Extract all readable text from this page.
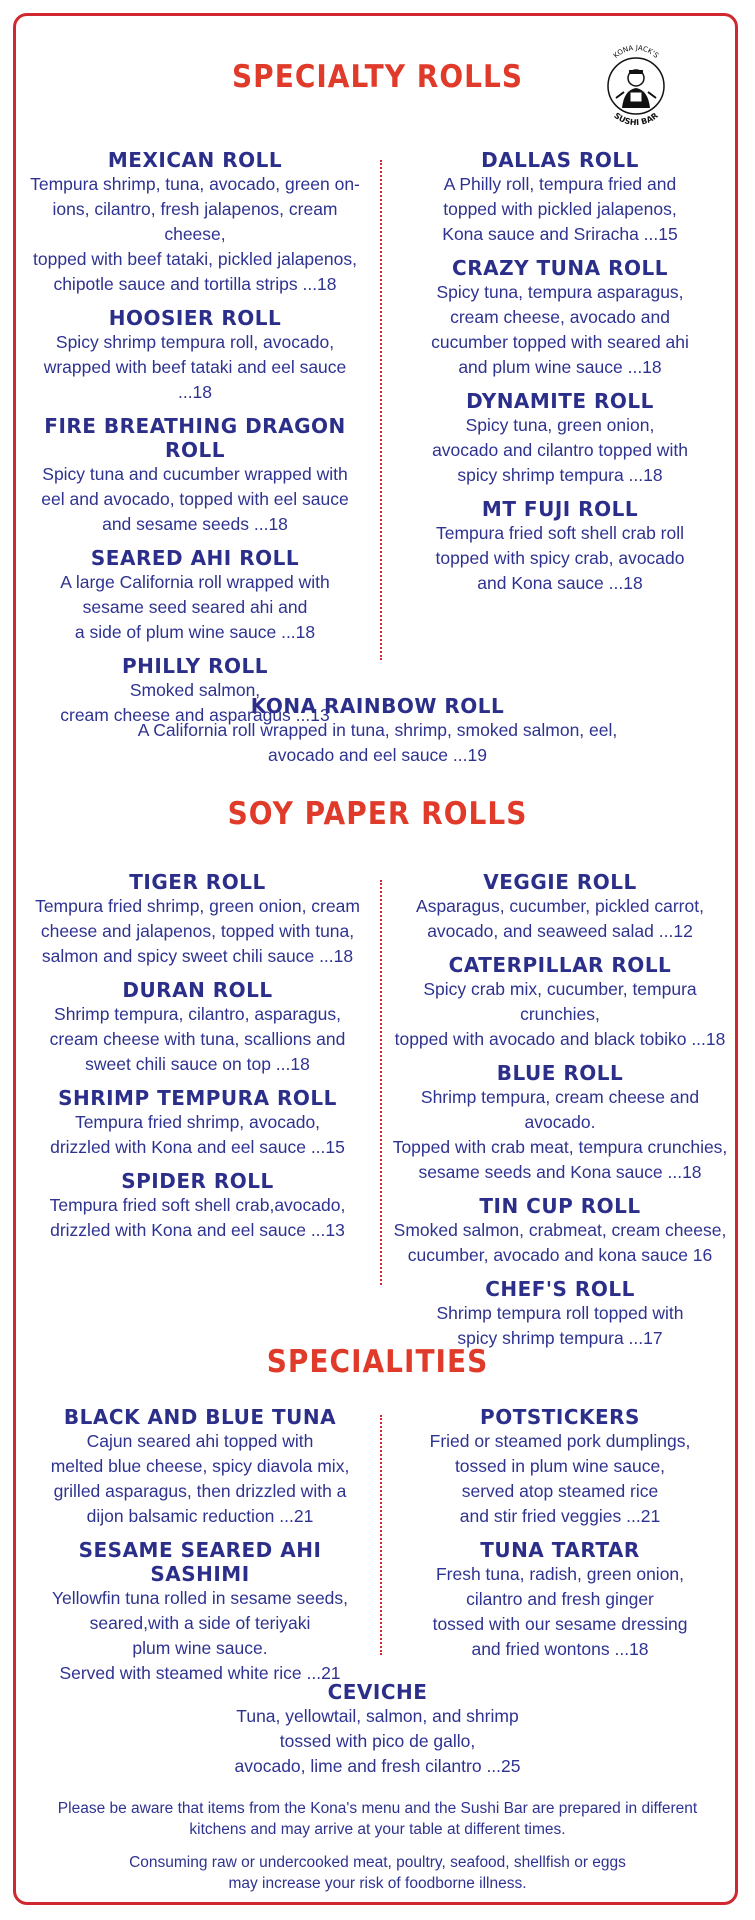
KONA JACK'S
SUSHI BAR
SPECIALTY ROLLS
MEXICAN ROLL
Tempura shrimp, tuna, avocado, green on-
ions, cilantro, fresh jalapenos, cream cheese,
topped with beef tataki, pickled jalapenos,
chipotle sauce and tortilla strips ...18
HOOSIER ROLL
Spicy shrimp tempura roll, avocado,
wrapped with beef tataki and eel sauce ...18
FIRE BREATHING DRAGON ROLL
Spicy tuna and cucumber wrapped with
eel and avocado, topped with eel sauce
and sesame seeds ...18
SEARED AHI ROLL
A large California roll wrapped with
sesame seed seared ahi and
a side of plum wine sauce ...18
PHILLY ROLL
Smoked salmon,
cream cheese and asparagus ...13
DALLAS ROLL
A Philly roll, tempura fried and
topped with pickled jalapenos,
Kona sauce and Sriracha ...15
CRAZY TUNA ROLL
Spicy tuna, tempura asparagus,
cream cheese, avocado and
cucumber topped with seared ahi
and plum wine sauce ...18
DYNAMITE ROLL
Spicy tuna, green onion,
avocado and cilantro topped with
spicy shrimp tempura ...18
MT FUJI ROLL
Tempura fried soft shell crab roll
topped with spicy crab, avocado
and Kona sauce ...18
KONA RAINBOW ROLL
A California roll wrapped in tuna, shrimp, smoked salmon, eel,
avocado and eel sauce ...19
SOY PAPER ROLLS
TIGER ROLL
Tempura fried shrimp, green onion, cream
cheese and jalapenos, topped with tuna,
salmon and spicy sweet chili sauce ...18
DURAN ROLL
Shrimp tempura, cilantro, asparagus,
cream cheese with tuna, scallions and
sweet chili sauce on top ...18
SHRIMP TEMPURA ROLL
Tempura fried shrimp, avocado,
drizzled with Kona and eel sauce ...15
SPIDER ROLL
Tempura fried soft shell crab,avocado,
drizzled with Kona and eel sauce ...13
VEGGIE ROLL
Asparagus, cucumber, pickled carrot,
avocado, and seaweed salad ...12
CATERPILLAR ROLL
Spicy crab mix, cucumber, tempura crunchies,
topped with avocado and black tobiko ...18
BLUE ROLL
Shrimp tempura, cream cheese and avocado.
Topped with crab meat, tempura crunchies,
sesame seeds and Kona sauce ...18
TIN CUP ROLL
Smoked salmon, crabmeat, cream cheese,
cucumber, avocado and kona sauce 16
CHEF'S ROLL
Shrimp tempura roll topped with
spicy shrimp tempura ...17
SPECIALITIES
BLACK AND BLUE TUNA
Cajun seared ahi topped with
melted blue cheese, spicy diavola mix,
grilled asparagus, then drizzled with a
dijon balsamic reduction ...21
SESAME SEARED AHI SASHIMI
Yellowfin tuna rolled in sesame seeds,
seared,with a side of teriyaki
plum wine sauce.
Served with steamed white rice ...21
POTSTICKERS
Fried or steamed pork dumplings,
tossed in plum wine sauce,
served atop steamed rice
and stir fried veggies ...21
TUNA TARTAR
Fresh tuna, radish, green onion,
cilantro and fresh ginger
tossed with our sesame dressing
and fried wontons ...18
CEVICHE
Tuna, yellowtail, salmon, and shrimp
tossed with pico de gallo,
avocado, lime and fresh cilantro ...25
Please be aware that items from the Kona's menu and the Sushi Bar are prepared in different
kitchens and may arrive at your table at different times.
Consuming raw or undercooked meat, poultry, seafood, shellfish or eggs
may increase your risk of foodborne illness.
